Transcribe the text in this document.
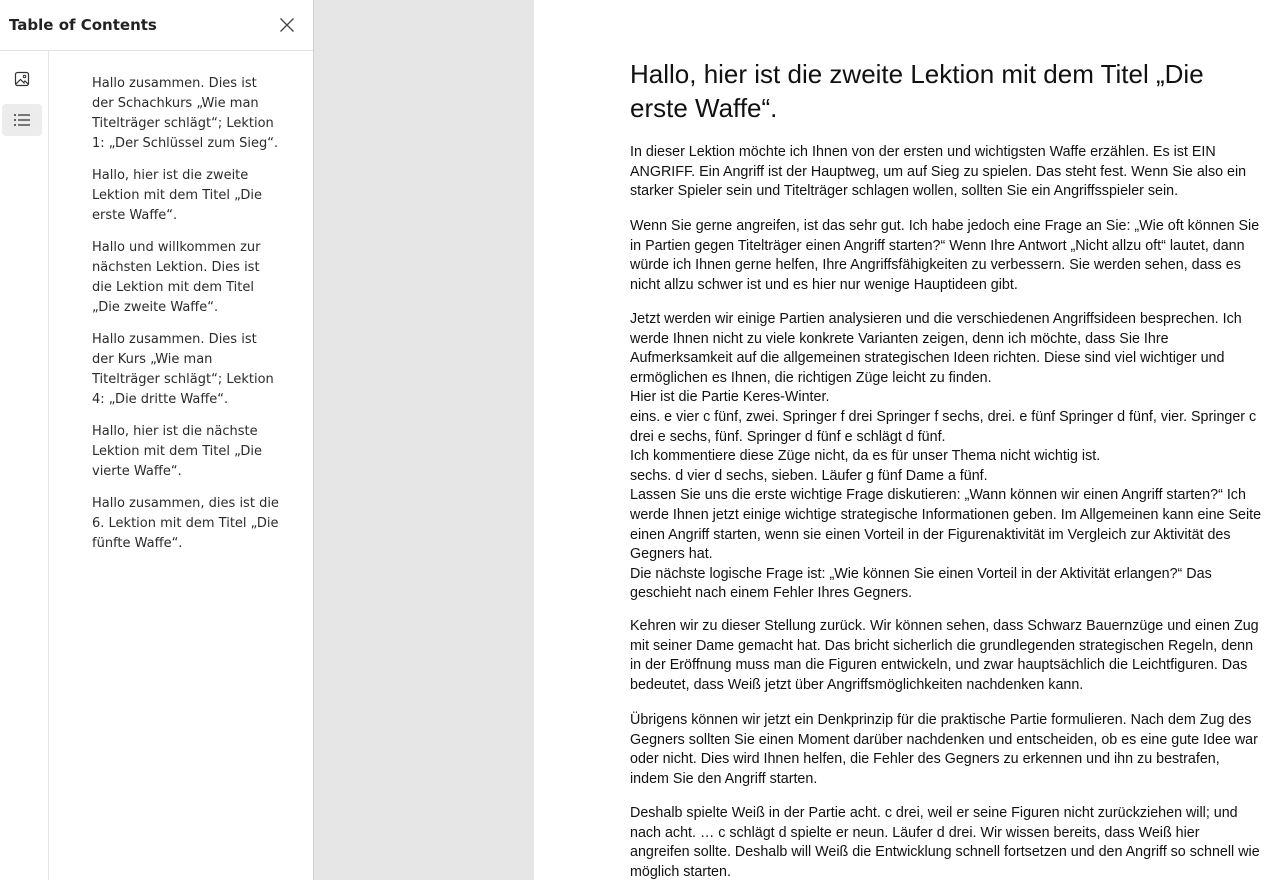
Table of Contents
Hallo zusammen. Dies ist der Schachkurs „Wie man Titelträger schlägt“; Lektion 1: „Der Schlüssel zum Sieg“.
Hallo, hier ist die zweite Lektion mit dem Titel „Die erste Waffe“.
Hallo und willkommen zur nächsten Lektion. Dies ist die Lektion mit dem Titel „Die zweite Waffe“.
Hallo zusammen. Dies ist der Kurs „Wie man Titelträger schlägt“; Lektion 4: „Die dritte Waffe“.
Hallo, hier ist die nächste Lektion mit dem Titel „Die vierte Waffe“.
Hallo zusammen, dies ist die 6. Lektion mit dem Titel „Die fünfte Waffe“.
Hallo, hier ist die zweite Lektion mit dem Titel „Die erste Waffe“.

In dieser Lektion möchte ich Ihnen von der ersten und wichtigsten Waffe erzählen. Es ist EIN ANGRIFF. Ein Angriff ist der Hauptweg, um auf Sieg zu spielen. Das steht fest. Wenn Sie also ein starker Spieler sein und Titelträger schlagen wollen, sollten Sie ein Angriffsspieler sein.

Wenn Sie gerne angreifen, ist das sehr gut. Ich habe jedoch eine Frage an Sie: „Wie oft können Sie in Partien gegen Titelträger einen Angriff starten?“ Wenn Ihre Antwort „Nicht allzu oft“ lautet, dann würde ich Ihnen gerne helfen, Ihre Angriffsfähigkeiten zu verbessern. Sie werden sehen, dass es nicht allzu schwer ist und es hier nur wenige Hauptideen gibt.

Jetzt werden wir einige Partien analysieren und die verschiedenen Angriffsideen besprechen. Ich werde Ihnen nicht zu viele konkrete Varianten zeigen, denn ich möchte, dass Sie Ihre Aufmerksamkeit auf die allgemeinen strategischen Ideen richten. Diese sind viel wichtiger und ermöglichen es Ihnen, die richtigen Züge leicht zu finden.
Hier ist die Partie Keres-Winter.
eins. e vier c fünf, zwei. Springer f drei Springer f sechs, drei. e fünf Springer d fünf, vier. Springer c drei e sechs, fünf. Springer d fünf e schlägt d fünf.
Ich kommentiere diese Züge nicht, da es für unser Thema nicht wichtig ist.
sechs. d vier d sechs, sieben. Läufer g fünf Dame a fünf.
Lassen Sie uns die erste wichtige Frage diskutieren: „Wann können wir einen Angriff starten?“ Ich werde Ihnen jetzt einige wichtige strategische Informationen geben. Im Allgemeinen kann eine Seite einen Angriff starten, wenn sie einen Vorteil in der Figurenaktivität im Vergleich zur Aktivität des Gegners hat.
Die nächste logische Frage ist: „Wie können Sie einen Vorteil in der Aktivität erlangen?“ Das geschieht nach einem Fehler Ihres Gegners.

Kehren wir zu dieser Stellung zurück. Wir können sehen, dass Schwarz Bauernzüge und einen Zug mit seiner Dame gemacht hat. Das bricht sicherlich die grundlegenden strategischen Regeln, denn in der Eröffnung muss man die Figuren entwickeln, und zwar hauptsächlich die Leichtfiguren. Das bedeutet, dass Weiß jetzt über Angriffsmöglichkeiten nachdenken kann.

Übrigens können wir jetzt ein Denkprinzip für die praktische Partie formulieren. Nach dem Zug des Gegners sollten Sie einen Moment darüber nachdenken und entscheiden, ob es eine gute Idee war oder nicht. Dies wird Ihnen helfen, die Fehler des Gegners zu erkennen und ihn zu bestrafen, indem Sie den Angriff starten.

Deshalb spielte Weiß in der Partie acht. c drei, weil er seine Figuren nicht zurückziehen will; und nach acht. … c schlägt d spielte er neun. Läufer d drei. Wir wissen bereits, dass Weiß hier angreifen sollte. Deshalb will Weiß die Entwicklung schnell fortsetzen und den Angriff so schnell wie möglich starten.
